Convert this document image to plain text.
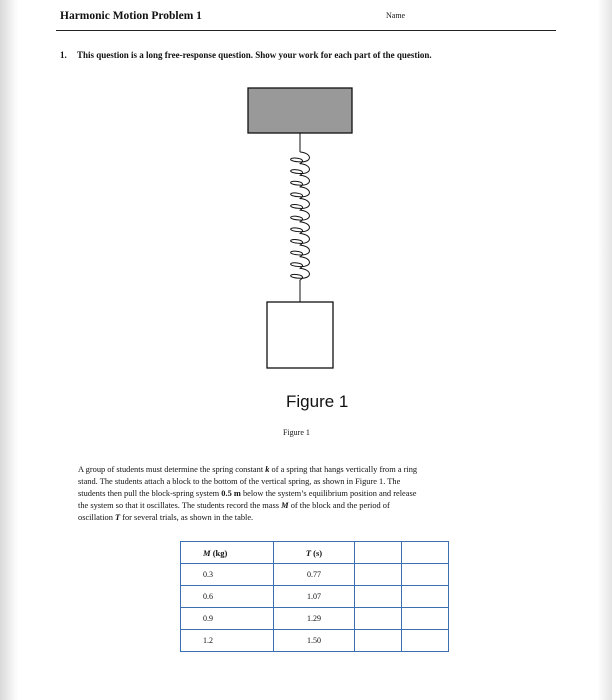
Harmonic Motion Problem 1	Name
1. This question is a long free-response question. Show your work for each part of the question.
Figure 1
Figure 1
A group of students must determine the spring constant k of a spring that hangs vertically from a ring
stand. The students attach a block to the bottom of the vertical spring, as shown in Figure 1. The
students then pull the block-spring system 0.5 m below the system’s equilibrium position and release
the system so that it oscillates. The students record the mass M of the block and the period of
oscillation T for several trials, as shown in the table.
M (kg)	T (s)		
0.3	0.77		
0.6	1.07		
0.9	1.29		
1.2	1.50		
